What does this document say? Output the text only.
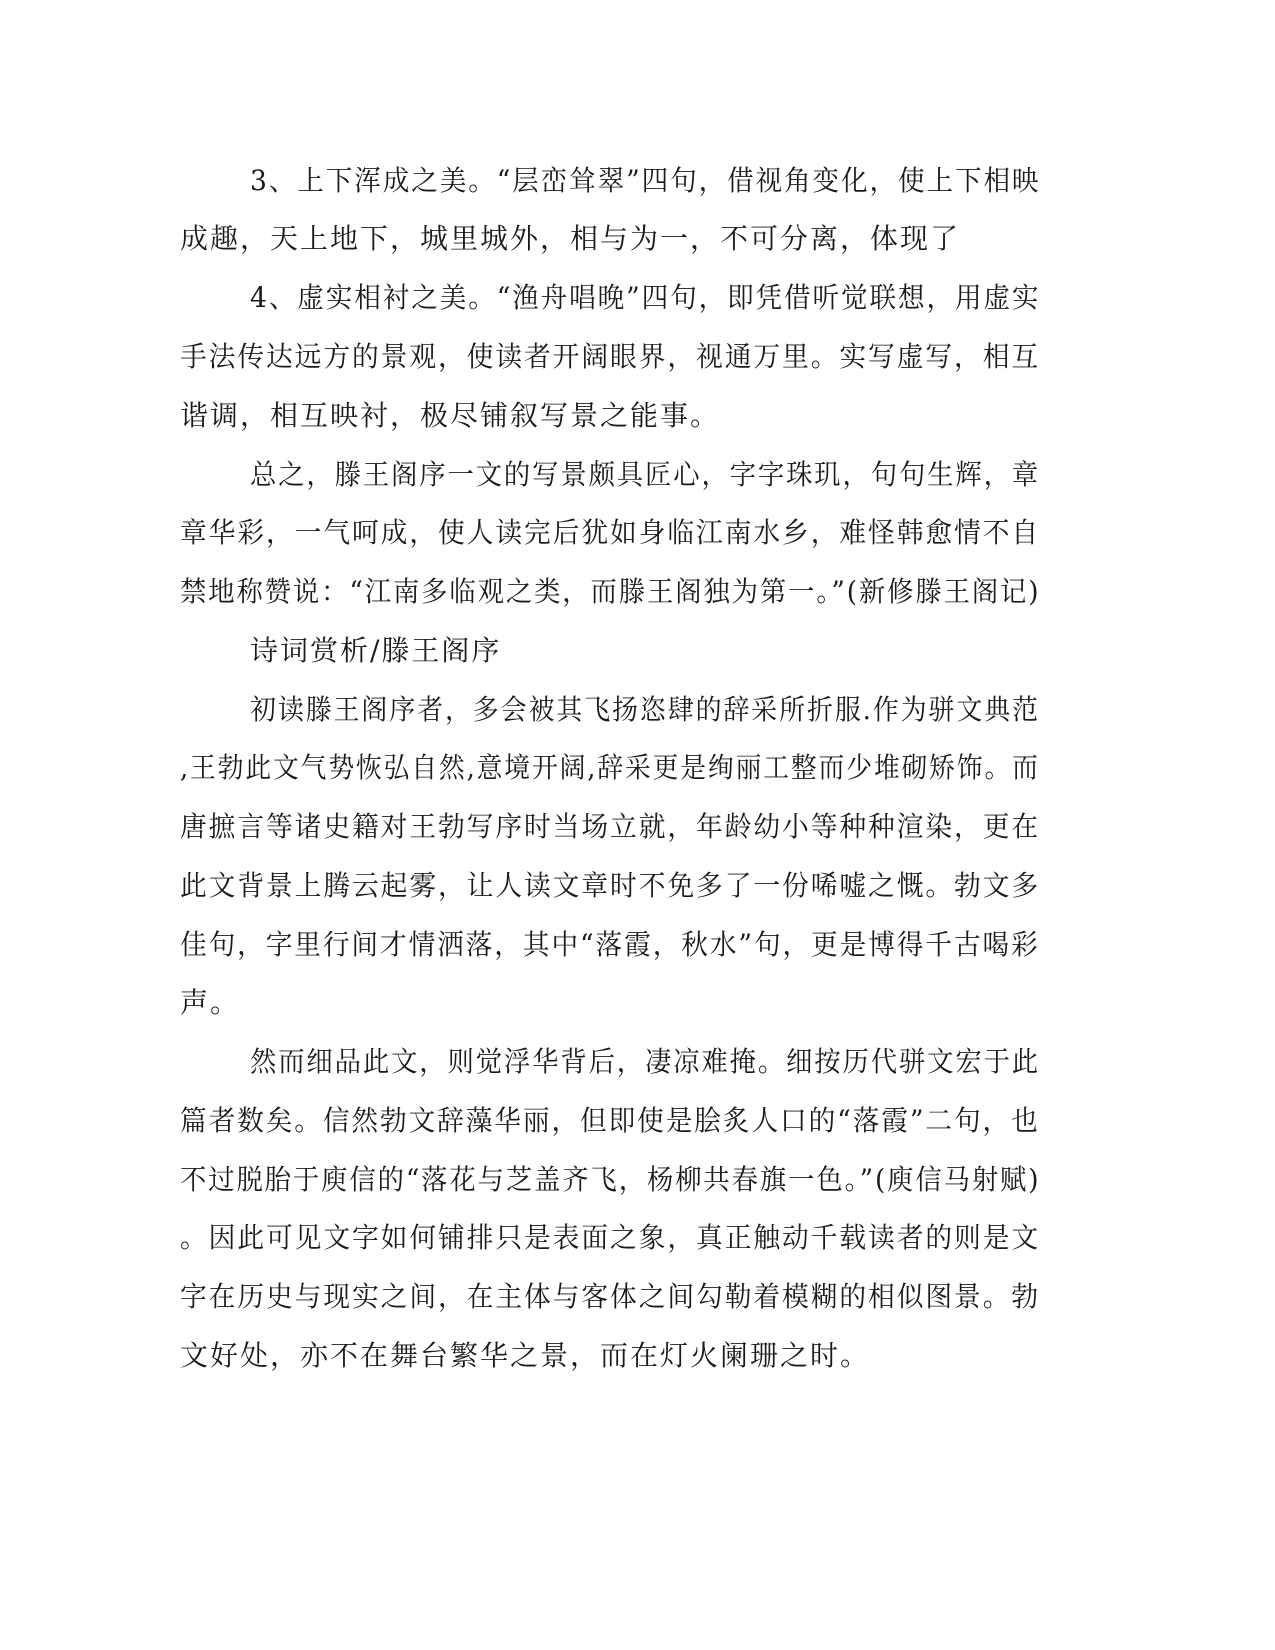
3、上下浑成之美。“层峦耸翠”四句，借视角变化，使上下相映
成趣，天上地下，城里城外，相与为一，不可分离，体现了
4、虚实相衬之美。“渔舟唱晚”四句，即凭借听觉联想，用虚实
手法传达远方的景观，使读者开阔眼界，视通万里。实写虚写，相互
谐调，相互映衬，极尽铺叙写景之能事。
总之，滕王阁序一文的写景颇具匠心，字字珠玑，句句生辉，章
章华彩，一气呵成，使人读完后犹如身临江南水乡，难怪韩愈情不自
禁地称赞说：“江南多临观之类，而滕王阁独为第一。”(新修滕王阁记)
诗词赏析/滕王阁序
初读滕王阁序者，多会被其飞扬恣肆的辞采所折服.作为骈文典范
,王勃此文气势恢弘自然,意境开阔,辞采更是绚丽工整而少堆砌矫饰。而
唐摭言等诸史籍对王勃写序时当场立就，年龄幼小等种种渲染，更在
此文背景上腾云起雾，让人读文章时不免多了一份唏嘘之慨。勃文多
佳句，字里行间才情洒落，其中“落霞，秋水”句，更是博得千古喝彩
声。
然而细品此文，则觉浮华背后，凄凉难掩。细按历代骈文宏于此
篇者数矣。信然勃文辞藻华丽，但即使是脍炙人口的“落霞”二句，也
不过脱胎于庾信的“落花与芝盖齐飞，杨柳共春旗一色。”(庾信马射赋)
。因此可见文字如何铺排只是表面之象，真正触动千载读者的则是文
字在历史与现实之间，在主体与客体之间勾勒着模糊的相似图景。勃
文好处，亦不在舞台繁华之景，而在灯火阑珊之时。
